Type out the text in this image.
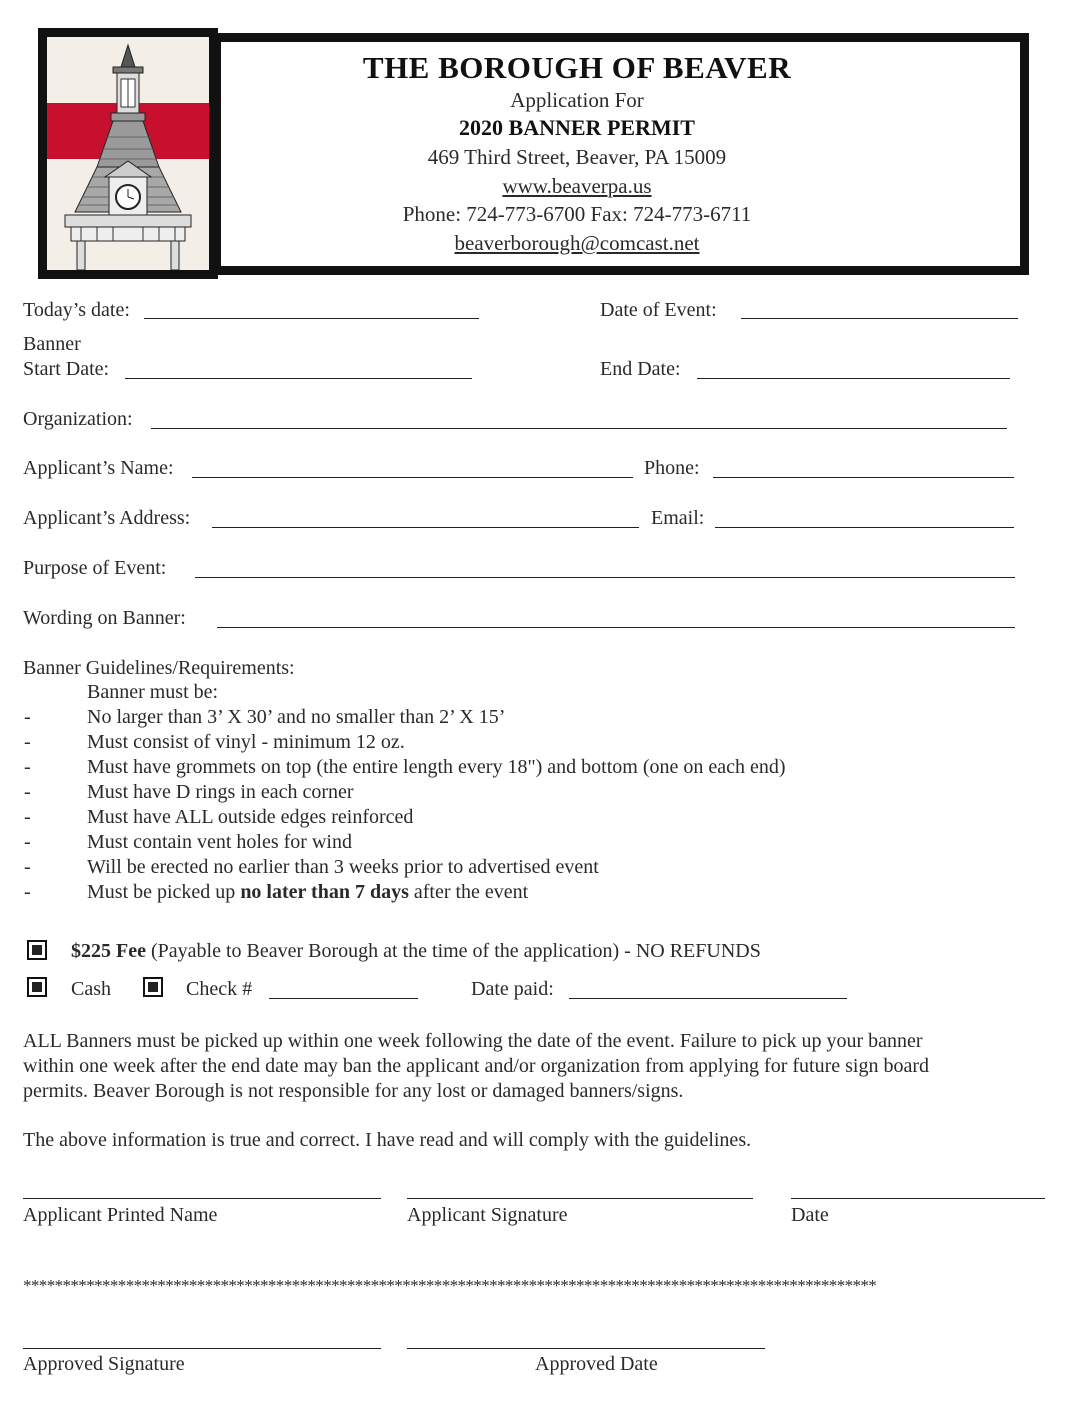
THE BOROUGH OF BEAVER
Application For
2020 BANNER PERMIT
469 Third Street, Beaver, PA 15009
www.beaverpa.us
Phone: 724-773-6700 Fax: 724-773-6711
beaverborough@comcast.net
Today’s date:	Date of Event:
Banner
Start Date:	End Date:
Organization:
Applicant’s Name:	Phone:
Applicant’s Address:	Email:
Purpose of Event:
Wording on Banner:
Banner Guidelines/Requirements:
Banner must be:
-	No larger than 3’ X 30’ and no smaller than 2’ X 15’
-	Must consist of vinyl - minimum 12 oz.
-	Must have grommets on top (the entire length every 18") and bottom (one on each end)
-	Must have D rings in each corner
-	Must have ALL outside edges reinforced
-	Must contain vent holes for wind
-	Will be erected no earlier than 3 weeks prior to advertised event
-	Must be picked up no later than 7 days after the event
$225 Fee (Payable to Beaver Borough at the time of the application) - NO REFUNDS
Cash	Check #	Date paid:
ALL Banners must be picked up within one week following the date of the event. Failure to pick up your banner
within one week after the end date may ban the applicant and/or organization from applying for future sign board
permits. Beaver Borough is not responsible for any lost or damaged banners/signs.
The above information is true and correct. I have read and will comply with the guidelines.
Applicant Printed Name	Applicant Signature	Date
************************************************************************************************************
Approved Signature	Approved Date
